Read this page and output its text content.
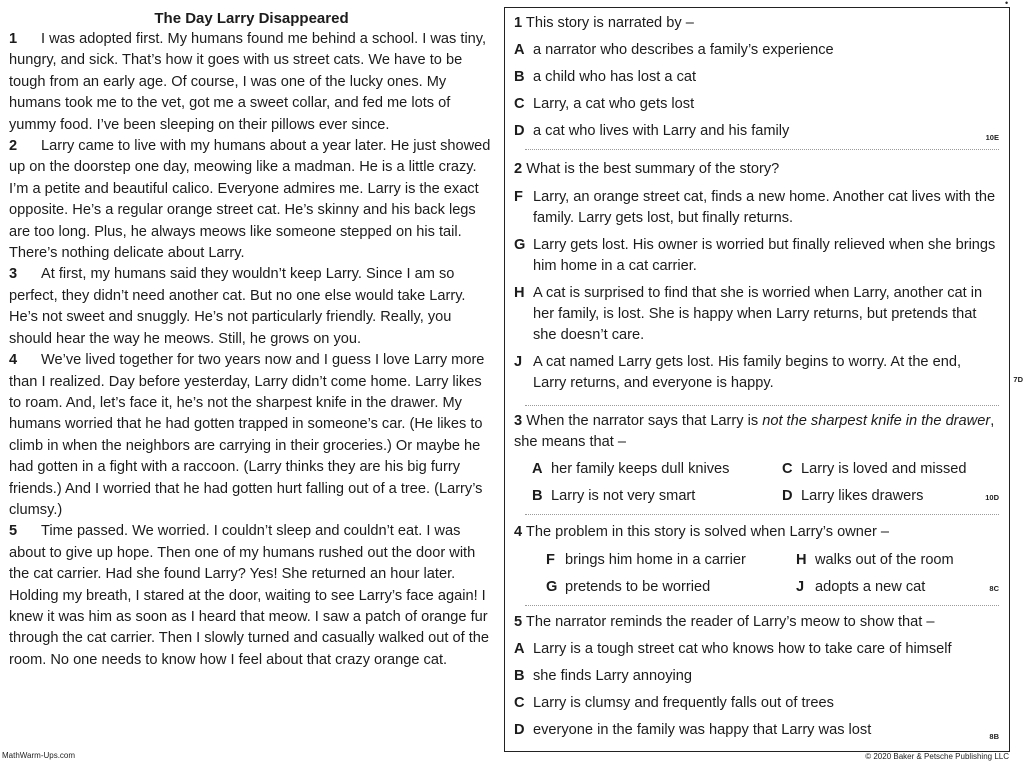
•
The Day Larry Disappeared
1 I was adopted first. My humans found me behind a school. I was tiny, hungry, and sick. That’s how it goes with us street cats. We have to be tough from an early age. Of course, I was one of the lucky ones. My humans took me to the vet, got me a sweet collar, and fed me lots of yummy food. I’ve been sleeping on their pillows ever since.
2 Larry came to live with my humans about a year later. He just showed up on the doorstep one day, meowing like a madman. He is a little crazy. I’m a petite and beautiful calico. Everyone admires me. Larry is the exact opposite. He’s a regular orange street cat. He’s skinny and his back legs are too long. Plus, he always meows like someone stepped on his tail. There’s nothing delicate about Larry.
3 At first, my humans said they wouldn’t keep Larry. Since I am so perfect, they didn’t need another cat. But no one else would take Larry. He’s not sweet and snuggly. He’s not particularly friendly. Really, you should hear the way he meows. Still, he grows on you.
4 We’ve lived together for two years now and I guess I love Larry more than I realized. Day before yesterday, Larry didn’t come home. Larry likes to roam. And, let’s face it, he’s not the sharpest knife in the drawer. My humans worried that he had gotten trapped in someone’s car. (He likes to climb in when the neighbors are carrying in their groceries.) Or maybe he had gotten in a fight with a raccoon. (Larry thinks they are his big furry friends.) And I worried that he had gotten hurt falling out of a tree. (Larry’s clumsy.)
5 Time passed. We worried. I couldn’t sleep and couldn’t eat. I was about to give up hope. Then one of my humans rushed out the door with the cat carrier. Had she found Larry? Yes! She returned an hour later. Holding my breath, I stared at the door, waiting to see Larry’s face again! I knew it was him as soon as I heard that meow. I saw a patch of orange fur through the cat carrier. Then I slowly turned and casually walked out of the room. No one needs to know how I feel about that crazy orange cat.
1 This story is narrated by –
A a narrator who describes a family’s experience
B a child who has lost a cat
C Larry, a cat who gets lost
D a cat who lives with Larry and his family	10E
2 What is the best summary of the story?
F Larry, an orange street cat, finds a new home. Another cat lives with the family. Larry gets lost, but finally returns.
G Larry gets lost. His owner is worried but finally relieved when she brings him home in a cat carrier.
H A cat is surprised to find that she is worried when Larry, another cat in her family, is lost. She is happy when Larry returns, but pretends that she doesn’t care.
J A cat named Larry gets lost. His family begins to worry. At the end, Larry returns, and everyone is happy.	7D
3 When the narrator says that Larry is not the sharpest knife in the drawer, she means that –
A her family keeps dull knives
B Larry is not very smart
C Larry is loved and missed
D Larry likes drawers	10D
4 The problem in this story is solved when Larry’s owner –
F brings him home in a carrier
G pretends to be worried
H walks out of the room
J adopts a new cat	8C
5 The narrator reminds the reader of Larry’s meow to show that –
A Larry is a tough street cat who knows how to take care of himself
B she finds Larry annoying
C Larry is clumsy and frequently falls out of trees
D everyone in the family was happy that Larry was lost	8B
MathWarm-Ups.com	© 2020 Baker & Petsche Publishing LLC
